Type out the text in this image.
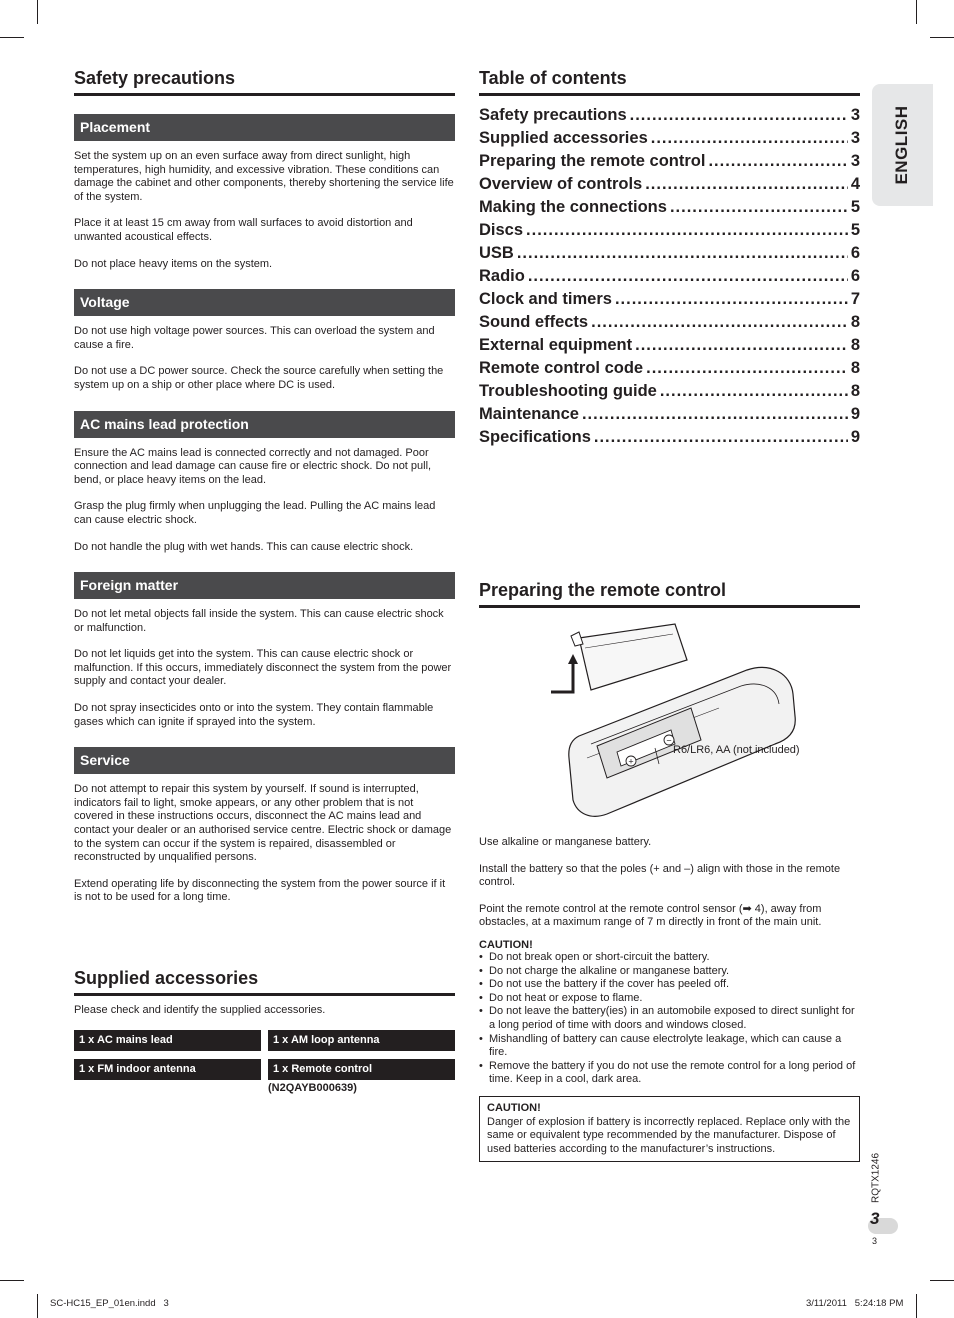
Safety precautions
Placement

Set the system up on an even surface away from direct sunlight, high temperatures, high humidity, and excessive vibration. These conditions can damage the cabinet and other components, thereby shortening the service life of the system.

Place it at least 15 cm away from wall surfaces to avoid distortion and unwanted acoustical effects.

Do not place heavy items on the system.

Voltage

Do not use high voltage power sources. This can overload the system and cause a fire.

Do not use a DC power source. Check the source carefully when setting the system up on a ship or other place where DC is used.

AC mains lead protection

Ensure the AC mains lead is connected correctly and not damaged. Poor connection and lead damage can cause fire or electric shock. Do not pull, bend, or place heavy items on the lead.

Grasp the plug firmly when unplugging the lead. Pulling the AC mains lead can cause electric shock.

Do not handle the plug with wet hands. This can cause electric shock.

Foreign matter

Do not let metal objects fall inside the system. This can cause electric shock or malfunction.

Do not let liquids get into the system. This can cause electric shock or malfunction. If this occurs, immediately disconnect the system from the power supply and contact your dealer.

Do not spray insecticides onto or into the system. They contain flammable gases which can ignite if sprayed into the system.

Service

Do not attempt to repair this system by yourself. If sound is interrupted, indicators fail to light, smoke appears, or any other problem that is not covered in these instructions occurs, disconnect the AC mains lead and contact your dealer or an authorised service centre. Electric shock or damage to the system can occur if the system is repaired, disassembled or reconstructed by unqualified persons.

Extend operating life by disconnecting the system from the power source if it is not to be used for a long time.

Supplied accessories

Please check and identify the supplied accessories.

1 x AC mains lead	1 x AM loop antenna
1 x FM indoor antenna	1 x Remote control
(N2QAYB000639)
Table of contents
Safety precautions .....	3
Supplied accessories .....	3
Preparing the remote control .....	3
Overview of controls .....	4
Making the connections .....	5
Discs .....	5
USB .....	6
Radio .....	6
Clock and timers .....	7
Sound effects .....	8
External equipment .....	8
Remote control code .....	8
Troubleshooting guide .....	8
Maintenance .....	9
Specifications .....	9
Preparing the remote control
+
−
R6/LR6, AA (not included)

Use alkaline or manganese battery.

Install the battery so that the poles (+ and –) align with those in the remote control.

Point the remote control at the remote control sensor (➡ 4), away from obstacles, at a maximum range of 7 m directly in front of the main unit.

CAUTION!
• Do not break open or short-circuit the battery.
• Do not charge the alkaline or manganese battery.
• Do not use the battery if the cover has peeled off.
• Do not heat or expose to flame.
• Do not leave the battery(ies) in an automobile exposed to direct sunlight for a long period of time with doors and windows closed.
• Mishandling of battery can cause electrolyte leakage, which can cause a fire.
• Remove the battery if you do not use the remote control for a long period of time. Keep in a cool, dark area.
CAUTION!
Danger of explosion if battery is incorrectly replaced. Replace only with the same or equivalent type recommended by the manufacturer. Dispose of used batteries according to the manufacturer’s instructions.
ENGLISH
RQTX1246
3
3
SC-HC15_EP_01en.indd   3	3/11/2011   5:24:18 PM
